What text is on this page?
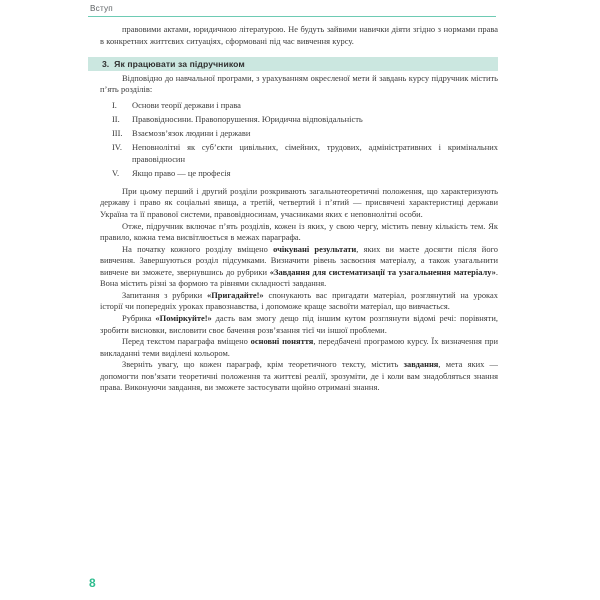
Вступ

правовими актами, юридичною літературою. Не будуть зайвими навички діяти згідно з нормами права в конкретних життєвих ситуаціях, сформовані під час вивчення курсу.

3. Як працювати за підручником

Відповідно до навчальної програми, з урахуванням окресленої мети й завдань курсу підручник містить п’ять розділів:

I.	Основи теорії держави і права
II.	Правовідносини. Правопорушення. Юридична відповідальність
III.	Взаємозв’язок людини і держави
IV.	Неповнолітні як суб’єкти цивільних, сімейних, трудових, адміністративних і кримінальних правовідносин
V.	Якщо право — це професія

При цьому перший і другий розділи розкривають загальнотеоретичні положення, що характеризують державу і право як соціальні явища, а третій, четвертий і п’ятий — присвячені характеристиці держави Україна та її правової системи, правовідносинам, учасниками яких є неповнолітні особи.

Отже, підручник включає п’ять розділів, кожен із яких, у свою чергу, містить певну кількість тем. Як правило, кожна тема висвітлюється в межах параграфа.

На початку кожного розділу вміщено очікувані результати, яких ви маєте досягти після його вивчення. Завершуються розділ підсумками. Визначити рівень засвоєння матеріалу, а також узагальнити вивчене ви зможете, звернувшись до рубрики «Завдання для систематизації та узагальнення матеріалу». Вона містить різні за формою та рівнями складності завдання.

Запитання з рубрики «Пригадайте!» спонукають вас пригадати матеріал, розглянутий на уроках історії чи попередніх уроках правознавства, і допоможе краще засвоїти матеріал, що вивчається.

Рубрика «Поміркуйте!» дасть вам змогу дещо під іншим кутом розглянути відомі речі: порівняти, зробити висновки, висловити своє бачення розв’язання тієї чи іншої проблеми.

Перед текстом параграфа вміщено основні поняття, передбачені програмою курсу. Їх визначення при викладанні теми виділені кольором.

Зверніть увагу, що кожен параграф, крім теоретичного тексту, містить завдання, мета яких — допомогти пов’язати теоретичні положення та життєві реалії, зрозуміти, де і коли вам знадобляться знання права. Виконуючи завдання, ви зможете застосувати щойно отримані знання.

8
